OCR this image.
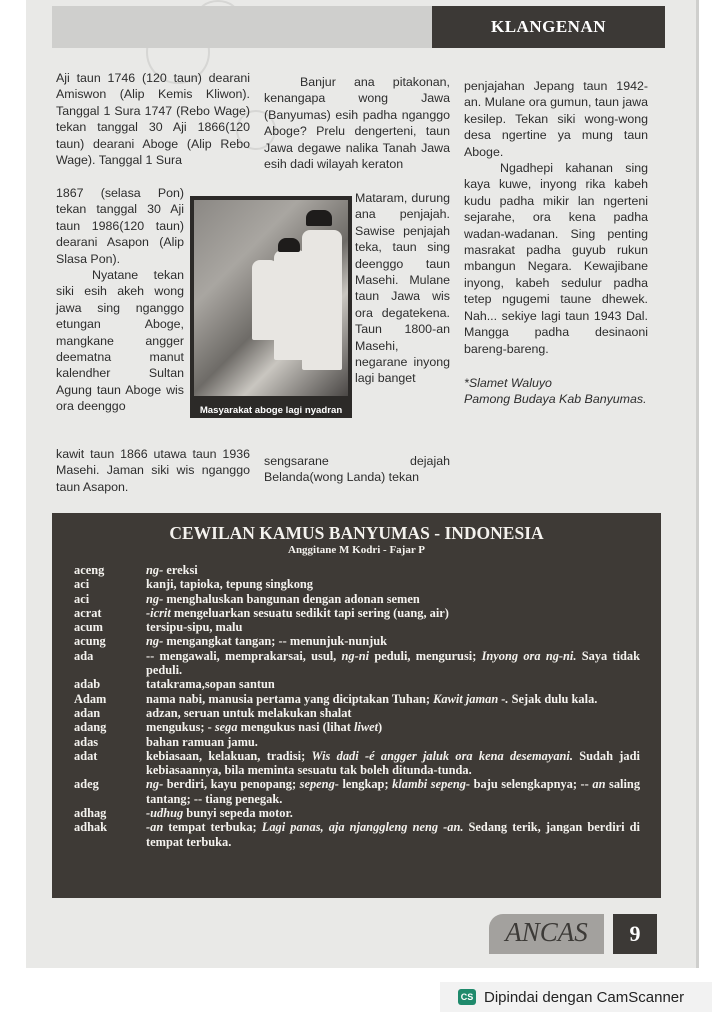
KLANGENAN
Aji taun 1746 (120 taun) dearani Amiswon (Alip Kemis Kliwon). Tanggal 1 Sura 1747 (Rebo Wage) tekan tanggal 30 Aji 1866(120 taun) dearani Aboge (Alip Rebo Wage). Tanggal 1 Sura

1867 (selasa Pon) tekan tanggal 30 Aji taun 1986(120 taun) dearani Asapon (Alip Slasa Pon).

Nyatane tekan siki esih akeh wong jawa sing nganggo etungan Aboge, mangkane angger deematna manut kalendher Sultan Agung taun Aboge wis ora deenggo

kawit taun 1866 utawa taun 1936 Masehi. Jaman siki wis nganggo taun Asapon.
Banjur ana pitakonan, kenangapa wong Jawa (Banyumas) esih padha nganggo Aboge? Prelu dengerteni, taun Jawa degawe nalika Tanah Jawa esih dadi wilayah keraton
Mataram, durung ana penjajah. Sawise penjajah teka, taun sing deenggo taun Masehi. Mulane taun Jawa wis ora degatekena. Taun 1800-an Masehi, negarane inyong lagi banget
sengsarane dejajah Belanda(wong Landa) tekan

penjajahan Jepang taun 1942-an. Mulane ora gumun, taun jawa kesilep. Tekan siki wong-wong desa ngertine ya mung taun Aboge.

Ngadhepi kahanan sing kaya kuwe, inyong rika kabeh kudu padha mikir lan ngerteni sejarahe, ora kena padha wadan-wadanan. Sing penting masrakat padha guyub rukun mbangun Negara. Kewajibane inyong, kabeh sedulur padha tetep ngugemi taune dhewek. Nah... sekiye lagi taun 1943 Dal. Mangga padha desinaoni bareng-bareng.

*Slamet Waluyo

Pamong Budaya Kab Banyumas.

Masyarakat aboge lagi nyadran
CEWILAN KAMUS BANYUMAS - INDONESIA
Anggitane M Kodri - Fajar P
aceng	ng- ereksi
aci	kanji, tapioka, tepung singkong
aci	ng- menghaluskan bangunan dengan adonan semen
acrat	-icrit mengeluarkan sesuatu sedikit tapi sering (uang, air)
acum	tersipu-sipu, malu
acung	ng- mengangkat tangan; -- menunjuk-nunjuk
ada	-- mengawali, memprakarsai, usul, ng-ni peduli, mengurusi; Inyong ora ng-ni. Saya tidak peduli.
adab	tatakrama,sopan santun
Adam	nama nabi, manusia pertama yang diciptakan Tuhan; Kawit jaman -. Sejak dulu kala.
adan	adzan, seruan untuk melakukan shalat
adang	mengukus; - sega mengukus nasi (lihat liwet)
adas	bahan ramuan jamu.
adat	kebiasaan, kelakuan, tradisi; Wis dadi -é angger jaluk ora kena desemayani. Sudah jadi kebiasaannya, bila meminta sesuatu tak boleh ditunda-tunda.
adeg	ng- berdiri, kayu penopang; sepeng- lengkap; klambi sepeng- baju selengkapnya; -- an saling tantang; -- tiang penegak.
adhag	-udhug bunyi sepeda motor.
adhak	-an tempat terbuka; Lagi panas, aja njanggleng neng -an. Sedang terik, jangan berdiri di tempat terbuka.
ANCAS	9
CS Dipindai dengan CamScanner
